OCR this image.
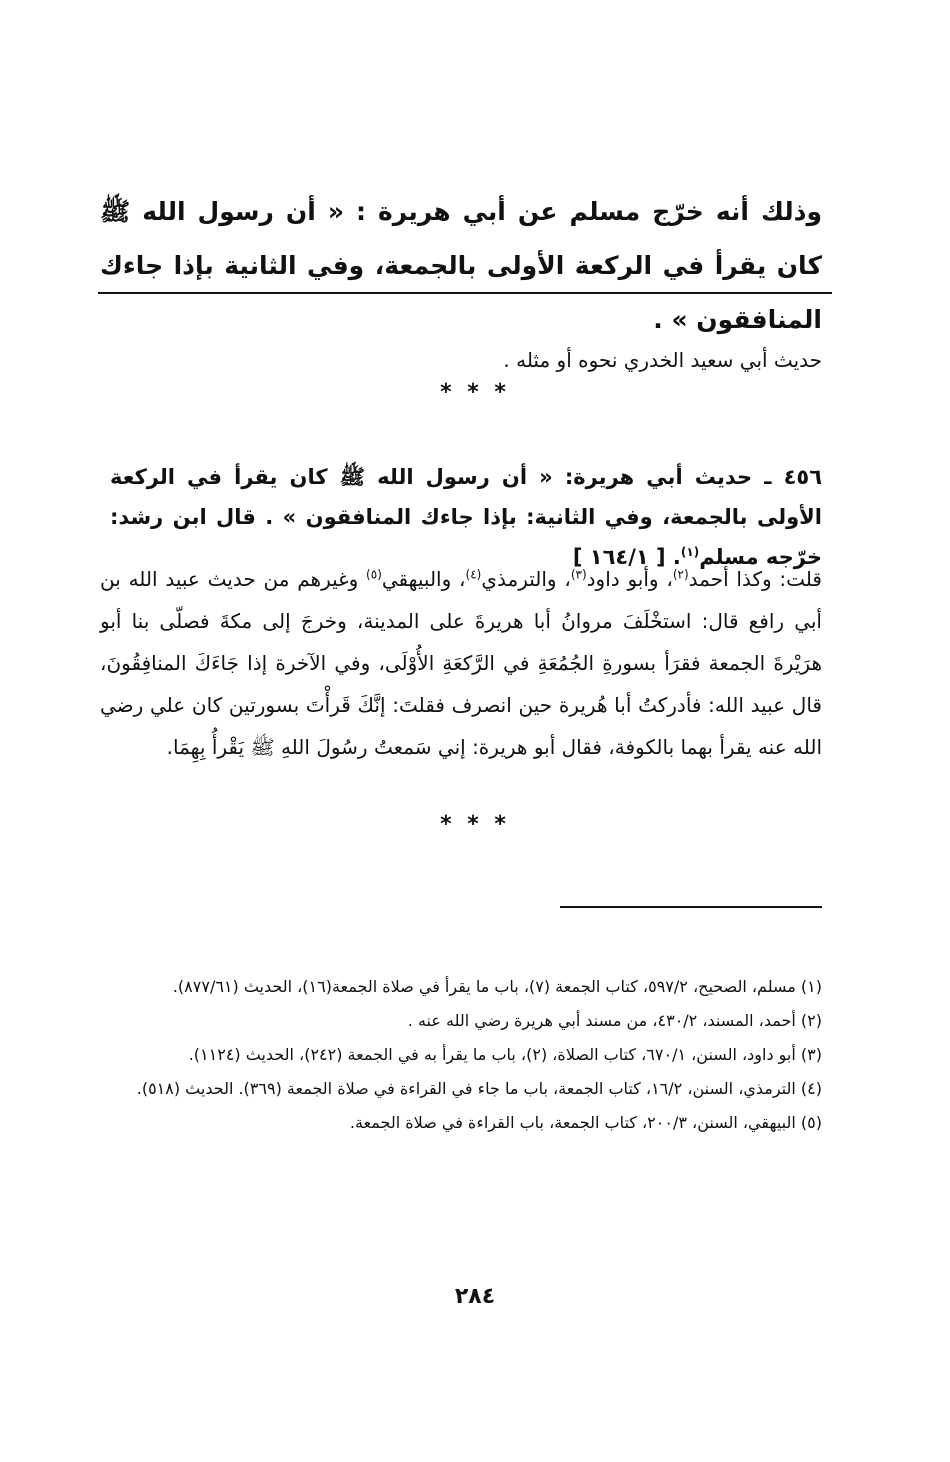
وذلك أنه خرّج مسلم عن أبي هريرة : « أن رسول الله ﷺ كان يقرأ في الركعة الأولى بالجمعة، وفي الثانية بإذا جاءك المنافقون » .

حديث أبي سعيد الخدري نحوه أو مثله .

* * *

٤٥٦ ـ حديث أبي هريرة: « أن رسول الله ﷺ كان يقرأ في الركعة الأولى بالجمعة، وفي الثانية: بإذا جاءك المنافقون » . قال ابن رشد: خرّجه مسلم$^{(١)}$. [ ١٦٤/١ ]

قلت: وكذا أحمد$^{(٢)}$، وأبو داود$^{(٣)}$، والترمذي$^{(٤)}$، والبيهقي$^{(٥)}$ وغيرهم من حديث عبيد الله بن أبي رافع قال: استخْلَفَ مروانُ أبا هريرةَ على المدينة، وخرجَ إلى مكةَ فصلّى بنا أبو هرَيْرةَ الجمعة فقرَأ بسورةِ الجُمُعَةِ في الرَّكعَةِ الأُوْلَى، وفي الآخرة إذا جَاءَكَ المنافِقُونَ، قال عبيد الله: فأدركتُ أبا هُريرة حين انصرف فقلتَ: إنَّكَ قَرأْتَ بسورتين كان علي رضي الله عنه يقرأ بهما بالكوفة، فقال أبو هريرة: إني سَمعتُ رسُولَ اللهِ ﷺ يَقْرأُ بِهِمَا.

* * *

(١) مسلم، الصحيح، ٥٩٧/٢، كتاب الجمعة (٧)، باب ما يقرأ في صلاة الجمعة(١٦)، الحديث (٨٧٧/٦١).

(٢) أحمد، المسند، ٤٣٠/٢، من مسند أبي هريرة رضي الله عنه .

(٣) أبو داود، السنن، ٦٧٠/١، كتاب الصلاة، (٢)، باب ما يقرأ به في الجمعة (٢٤٢)، الحديث (١١٢٤).

(٤) الترمذي، السنن، ١٦/٢، كتاب الجمعة، باب ما جاء في القراءة في صلاة الجمعة (٣٦٩). الحديث (٥١٨).

(٥) البيهقي، السنن، ٢٠٠/٣، كتاب الجمعة، باب القراءة في صلاة الجمعة.

٢٨٤
